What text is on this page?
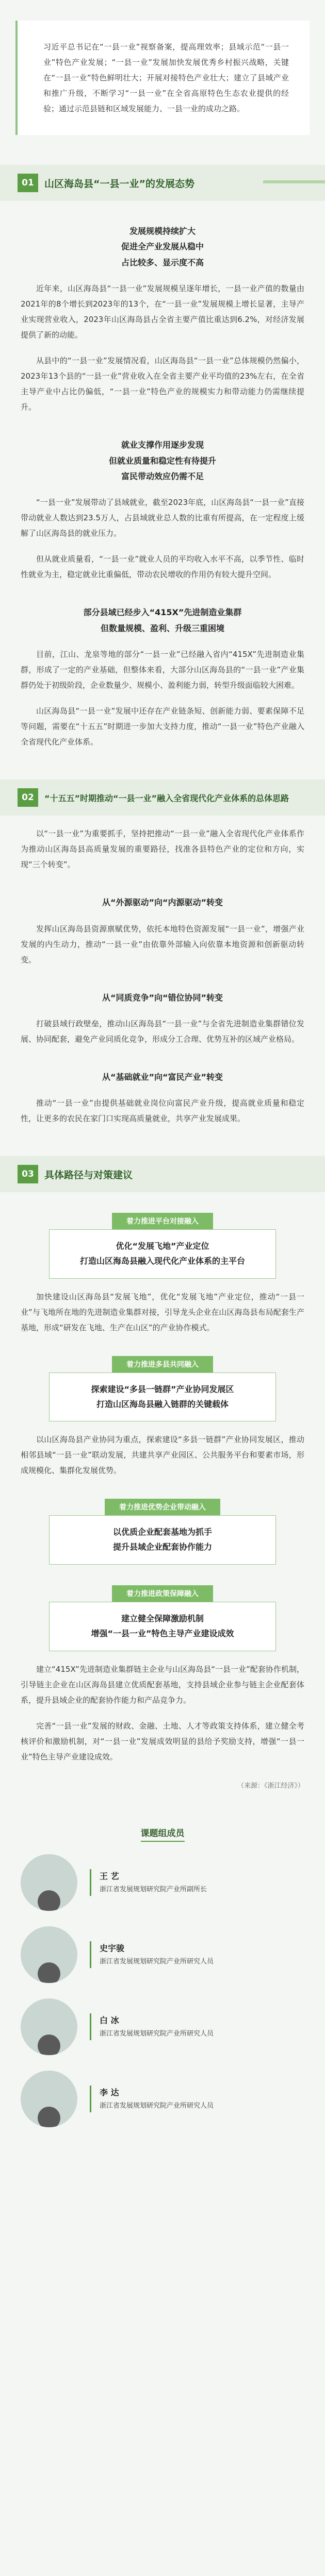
习近平总书记在“一县一业”视察备案，提高理效率；县域示范“一县一业”特色产业发展；“一县一业”发展加快发展优秀乡村振兴战略，关键在“一县一业”特色鲜明壮大；开展对接特色产业壮大；建立了县域产业和推广升级，不断学习“一县一业”在全省高原特色生态农业提供的经验；通过示范县链和区域发展能力、一县一业的成功之路。
01	山区海岛县“一县一业”的发展态势
发展规模持续扩大
促进全产业发展从稳中
占比较多、显示度不高
近年来，山区海岛县“一县一业”发展规模呈逐年增长，一县一业产值的数量由2021年的8个增长到2023年的13个，在“一县一业”发展规模上增长显著，主导产业实现营业收入，2023年山区海岛县占全省主要产值比重达到6.2%，对经济发展提供了新的动能。
从县中的“一县一业”发展情况看，山区海岛县“一县一业”总体规模仍然偏小，2023年13个县的“一县一业”营业收入在全省主要产业平均值的23%左右，在全省主导产业中占比仍偏低，“一县一业”特色产业的规模实力和带动能力仍需继续提升。
就业支撑作用逐步发现
但就业质量和稳定性有待提升
富民带动效应仍需不足
“一县一业”发展带动了县域就业，截至2023年底，山区海岛县“一县一业”直接带动就业人数达到23.5万人，占县域就业总人数的比重有所提高，在一定程度上缓解了山区海岛县的就业压力。
但从就业质量看，“一县一业”就业人员的平均收入水平不高，以季节性、临时性就业为主，稳定就业比重偏低，带动农民增收的作用仍有较大提升空间。
部分县域已经步入“415X”先进制造业集群
但数量规模、盈利、升级三重困境
目前，江山、龙泉等地的部分“一县一业”已经融入省内“415X”先进制造业集群，形成了一定的产业基础，但整体来看，大部分山区海岛县的“一县一业”产业集群仍处于初级阶段，企业数量少、规模小、盈利能力弱，转型升级面临较大困难。
山区海岛县“一县一业”发展中还存在产业链条短、创新能力弱、要素保障不足等问题，需要在“十五五”时期进一步加大支持力度，推动“一县一业”特色产业融入全省现代化产业体系。
02	“十五五”时期推动“一县一业”融入全省现代化产业体系的总体思路
以“一县一业”为重要抓手，坚持把推动“一县一业”融入全省现代化产业体系作为推动山区海岛县高质量发展的重要路径，找准各县特色产业的定位和方向，实现“三个转变”。
从“外源驱动”向“内源驱动”转变
发挥山区海岛县资源禀赋优势，依托本地特色资源发展“一县一业”，增强产业发展的内生动力，推动“一县一业”由依靠外部输入向依靠本地资源和创新驱动转变。
从“同质竞争”向“错位协同”转变
打破县域行政壁垒，推动山区海岛县“一县一业”与全省先进制造业集群错位发展、协同配套，避免产业同质化竞争，形成分工合理、优势互补的区域产业格局。
从“基础就业”向“富民产业”转变
推动“一县一业”由提供基础就业岗位向富民产业升级，提高就业质量和稳定性，让更多的农民在家门口实现高质量就业，共享产业发展成果。
03	具体路径与对策建议
着力推进平台对接融入
优化“发展飞地”产业定位
打造山区海岛县融入现代化产业体系的主平台
加快建设山区海岛县“发展飞地”，优化“发展飞地”产业定位，推动“一县一业”与飞地所在地的先进制造业集群对接，引导龙头企业在山区海岛县布局配套生产基地，形成“研发在飞地、生产在山区”的产业协作模式。
着力推进多县共同融入
探索建设“多县一链群”产业协同发展区
打造山区海岛县融入链群的关键载体
以山区海岛县产业协同为重点，探索建设“多县一链群”产业协同发展区，推动相邻县域“一县一业”联动发展，共建共享产业园区、公共服务平台和要素市场，形成规模化、集群化发展优势。
着力推进优势企业带动融入
以优质企业配套基地为抓手
提升县域企业配套协作能力
着力推进政策保障融入
建立健全保障激励机制
增强“一县一业”特色主导产业建设成效
建立“415X”先进制造业集群链主企业与山区海岛县“一县一业”配套协作机制，引导链主企业在山区海岛县建立优质配套基地，支持县域企业参与链主企业配套体系，提升县域企业的配套协作能力和产品竞争力。
完善“一县一业”发展的财政、金融、土地、人才等政策支持体系，建立健全考核评价和激励机制，对“一县一业”发展成效明显的县给予奖励支持，增强“一县一业”特色主导产业建设成效。
（来源：《浙江经济》）
课题组成员
王 艺
浙江省发展规划研究院产业所副所长
史宇骏
浙江省发展规划研究院产业所研究人员
白 冰
浙江省发展规划研究院产业所研究人员
李 达
浙江省发展规划研究院产业所研究人员
